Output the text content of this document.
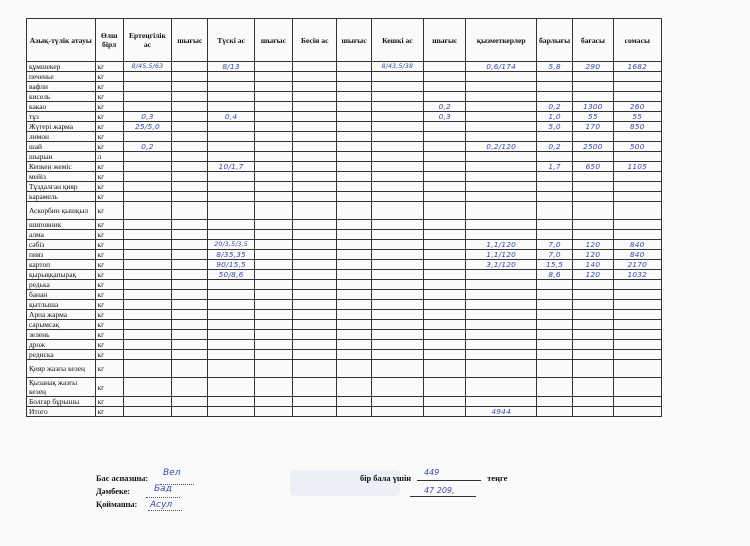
Азық-түлік атауы	Өлш бірл	Ертеңгілік ас	шығыс	Түскі ас	шығыс	Бесін ас	шығыс	Кешкі ас	шығыс	қызметкерлер	барлығы	бағасы	сомасы
құмшекер	кг	8/45,5/63		8/13				8/43,5/38		0,6/174	5,8	290	1682
печенье	кг												
вафли	кг												
кисель	кг												
какао	кг								0,2		0,2	1300	260
тұз	кг	0,3		0,4					0,3		1,0	55	55
Жүгері жарма	кг	25/5,0									5,0	170	850
лимон	кг												
шай	кг	0,2								0,2/120	0,2	2500	500
шырын	л												
Кепкен жеміс	кг			10/1,7							1,7	650	1105
мейіз	кг												
Тұздалған қияр	кг												
карамель	кг												
Аскорбин қышқыл	кг												
шиповник	кг												
алма	кг												
сәбіз	кг			20/3,5/3,5						1,1/120	7,0	120	840
пияз	кг			8/35,35						1,1/120	7,0	120	840
картоп	кг			90/15,5						3,1/120	15,5	140	2170
қырыққапырақ	кг			50/8,6							8,6	120	1032
редька	кг												
банан	кг												
қытлыша	кг												
Арпа жарма	кг												
сарымсақ	кг												
зелень	кг												
дрож	кг												
редиска	кг												
Қияр жазғы кезең	кг												
Қызанақ жазғы кезең	кг												
Болгар бұрышы	кг												
Итого	кг									4944			
Бас аспазшы:
Вел
Дәмбеке:	Бад
Қоймашы: Асул
бір бала үшін	теңге
449
47 209,
